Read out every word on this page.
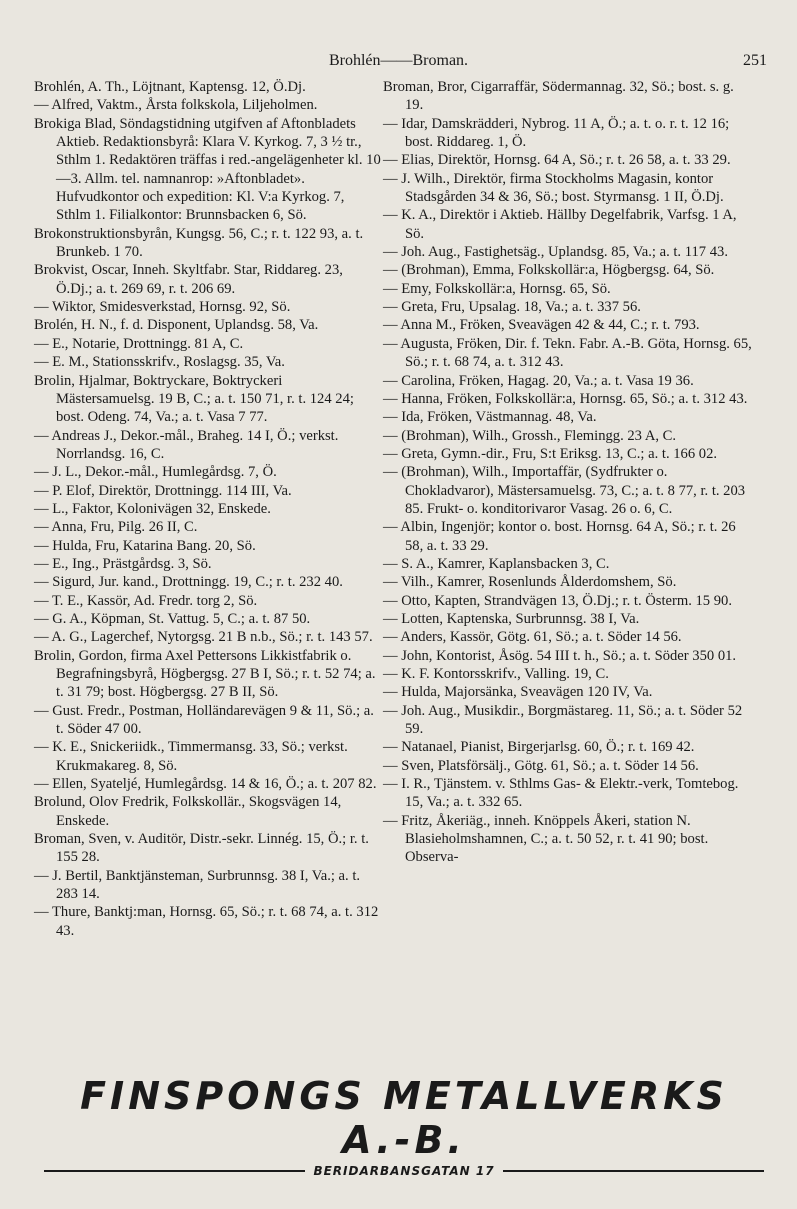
Brohlén——Broman.	251
Brohlén, A. Th., Löjtnant, Kaptensg. 12, Ö.Dj.
— Alfred, Vaktm., Årsta folkskola, Liljeholmen.
Brokiga Blad, Söndagstidning utgifven af Aftonbladets Aktieb. Redaktionsbyrå: Klara V. Kyrkog. 7, 3 ½ tr., Sthlm 1. Redaktören träffas i red.-angelägenheter kl. 10—3. Allm. tel. namnanrop: »Aftonbladet». Hufvudkontor och expedition: Kl. V:a Kyrkog. 7, Sthlm 1. Filialkontor: Brunnsbacken 6, Sö.
Brokonstruktionsbyrån, Kungsg. 56, C.; r. t. 122 93, a. t. Brunkeb. 1 70.
Brokvist, Oscar, Inneh. Skyltfabr. Star, Riddareg. 23, Ö.Dj.; a. t. 269 69, r. t. 206 69.
— Wiktor, Smidesverkstad, Hornsg. 92, Sö.
Brolén, H. N., f. d. Disponent, Uplandsg. 58, Va.
— E., Notarie, Drottningg. 81 A, C.
— E. M., Stationsskrifv., Roslagsg. 35, Va.
Brolin, Hjalmar, Boktryckare, Boktryckeri Mästersamuelsg. 19 B, C.; a. t. 150 71, r. t. 124 24; bost. Odeng. 74, Va.; a. t. Vasa 7 77.
— Andreas J., Dekor.-mål., Braheg. 14 I, Ö.; verkst. Norrlandsg. 16, C.
— J. L., Dekor.-mål., Humlegårdsg. 7, Ö.
— P. Elof, Direktör, Drottningg. 114 III, Va.
— L., Faktor, Kolonivägen 32, Enskede.
— Anna, Fru, Pilg. 26 II, C.
— Hulda, Fru, Katarina Bang. 20, Sö.
— E., Ing., Prästgårdsg. 3, Sö.
— Sigurd, Jur. kand., Drottningg. 19, C.; r. t. 232 40.
— T. E., Kassör, Ad. Fredr. torg 2, Sö.
— G. A., Köpman, St. Vattug. 5, C.; a. t. 87 50.
— A. G., Lagerchef, Nytorgsg. 21 B n.b., Sö.; r. t. 143 57.
Brolin, Gordon, firma Axel Pettersons Likkistfabrik o. Begrafningsbyrå, Högbergsg. 27 B I, Sö.; r. t. 52 74; a. t. 31 79; bost. Högbergsg. 27 B II, Sö.
— Gust. Fredr., Postman, Holländarevägen 9 & 11, Sö.; a. t. Söder 47 00.
— K. E., Snickeriidk., Timmermansg. 33, Sö.; verkst. Krukmakareg. 8, Sö.
— Ellen, Syateljé, Humlegårdsg. 14 & 16, Ö.; a. t. 207 82.
Brolund, Olov Fredrik, Folkskollär., Skogsvägen 14, Enskede.
Broman, Sven, v. Auditör, Distr.-sekr. Linnég. 15, Ö.; r. t. 155 28.
— J. Bertil, Banktjänsteman, Surbrunnsg. 38 I, Va.; a. t. 283 14.
— Thure, Banktj:man, Hornsg. 65, Sö.; r. t. 68 74, a. t. 312 43.
Broman, Bror, Cigarraffär, Södermannag. 32, Sö.; bost. s. g. 19.
— Idar, Damskrädderi, Nybrog. 11 A, Ö.; a. t. o. r. t. 12 16; bost. Riddareg. 1, Ö.
— Elias, Direktör, Hornsg. 64 A, Sö.; r. t. 26 58, a. t. 33 29.
— J. Wilh., Direktör, firma Stockholms Magasin, kontor Stadsgården 34 & 36, Sö.; bost. Styrmansg. 1 II, Ö.Dj.
— K. A., Direktör i Aktieb. Hällby Degelfabrik, Varfsg. 1 A, Sö.
— Joh. Aug., Fastighetsäg., Uplandsg. 85, Va.; a. t. 117 43.
— (Brohman), Emma, Folkskollär:a, Högbergsg. 64, Sö.
— Emy, Folkskollär:a, Hornsg. 65, Sö.
— Greta, Fru, Upsalag. 18, Va.; a. t. 337 56.
— Anna M., Fröken, Sveavägen 42 & 44, C.; r. t. 793.
— Augusta, Fröken, Dir. f. Tekn. Fabr. A.-B. Göta, Hornsg. 65, Sö.; r. t. 68 74, a. t. 312 43.
— Carolina, Fröken, Hagag. 20, Va.; a. t. Vasa 19 36.
— Hanna, Fröken, Folkskollär:a, Hornsg. 65, Sö.; a. t. 312 43.
— Ida, Fröken, Västmannag. 48, Va.
— (Brohman), Wilh., Grossh., Flemingg. 23 A, C.
— Greta, Gymn.-dir., Fru, S:t Eriksg. 13, C.; a. t. 166 02.
— (Brohman), Wilh., Importaffär, (Sydfrukter o. Chokladvaror), Mästersamuelsg. 73, C.; a. t. 8 77, r. t. 203 85. Frukt- o. konditorivaror Vasag. 26 o. 6, C.
— Albin, Ingenjör; kontor o. bost. Hornsg. 64 A, Sö.; r. t. 26 58, a. t. 33 29.
— S. A., Kamrer, Kaplansbacken 3, C.
— Vilh., Kamrer, Rosenlunds Ålderdomshem, Sö.
— Otto, Kapten, Strandvägen 13, Ö.Dj.; r. t. Österm. 15 90.
— Lotten, Kaptenska, Surbrunnsg. 38 I, Va.
— Anders, Kassör, Götg. 61, Sö.; a. t. Söder 14 56.
— John, Kontorist, Åsög. 54 III t. h., Sö.; a. t. Söder 350 01.
— K. F. Kontorsskrifv., Valling. 19, C.
— Hulda, Majorsänka, Sveavägen 120 IV, Va.
— Joh. Aug., Musikdir., Borgmästareg. 11, Sö.; a. t. Söder 52 59.
— Natanael, Pianist, Birgerjarlsg. 60, Ö.; r. t. 169 42.
— Sven, Platsförsälj., Götg. 61, Sö.; a. t. Söder 14 56.
— I. R., Tjänstem. v. Sthlms Gas- & Elektr.-verk, Tomtebog. 15, Va.; a. t. 332 65.
— Fritz, Åkeriäg., inneh. Knöppels Åkeri, station N. Blasieholmshamnen, C.; a. t. 50 52, r. t. 41 90; bost. Observa-
FINSPONGS METALLVERKS A.-B.
BERIDARBANSGATAN 17
